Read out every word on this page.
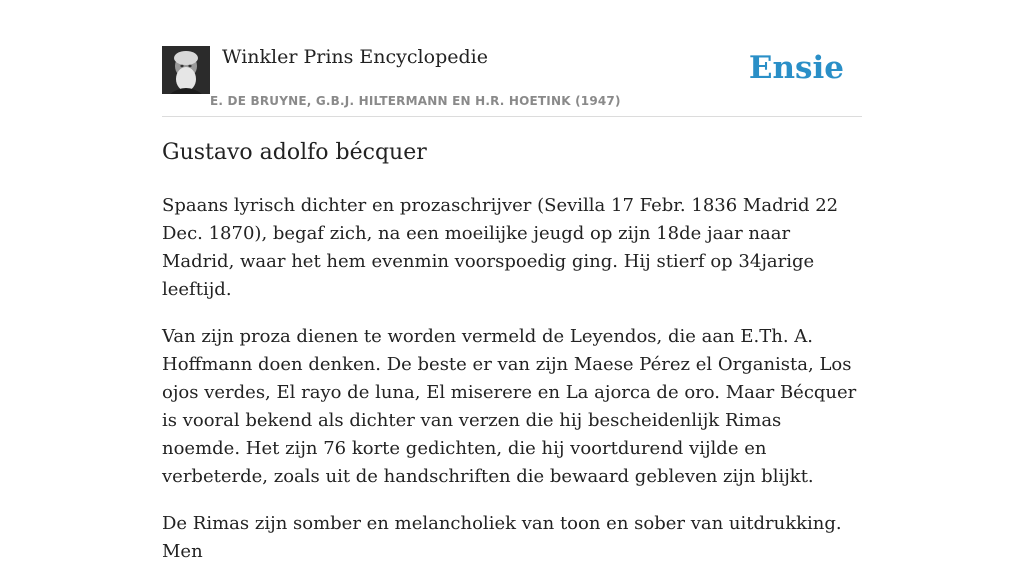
Winkler Prins Encyclopedie
E. DE BRUYNE, G.B.J. HILTERMANN EN H.R. HOETINK (1947)
Ensie
Gustavo adolfo bécquer

Spaans lyrisch dichter en prozaschrijver (Sevilla 17 Febr. 1836 Madrid 22 Dec. 1870), begaf zich, na een moeilijke jeugd op zijn 18de jaar naar Madrid, waar het hem evenmin voorspoedig ging. Hij stierf op 34jarige leeftijd.

Van zijn proza dienen te worden vermeld de Leyendos, die aan E.Th. A. Hoffmann doen denken. De beste er van zijn Maese Pérez el Organista, Los ojos verdes, El rayo de luna, El miserere en La ajorca de oro. Maar Bécquer is vooral bekend als dichter van verzen die hij bescheidenlijk Rimas noemde. Het zijn 76 korte gedichten, die hij voortdurend vijlde en verbeterde, zoals uit de handschriften die bewaard gebleven zijn blijkt.

De Rimas zijn somber en melancholiek van toon en sober van uitdrukking. Men
